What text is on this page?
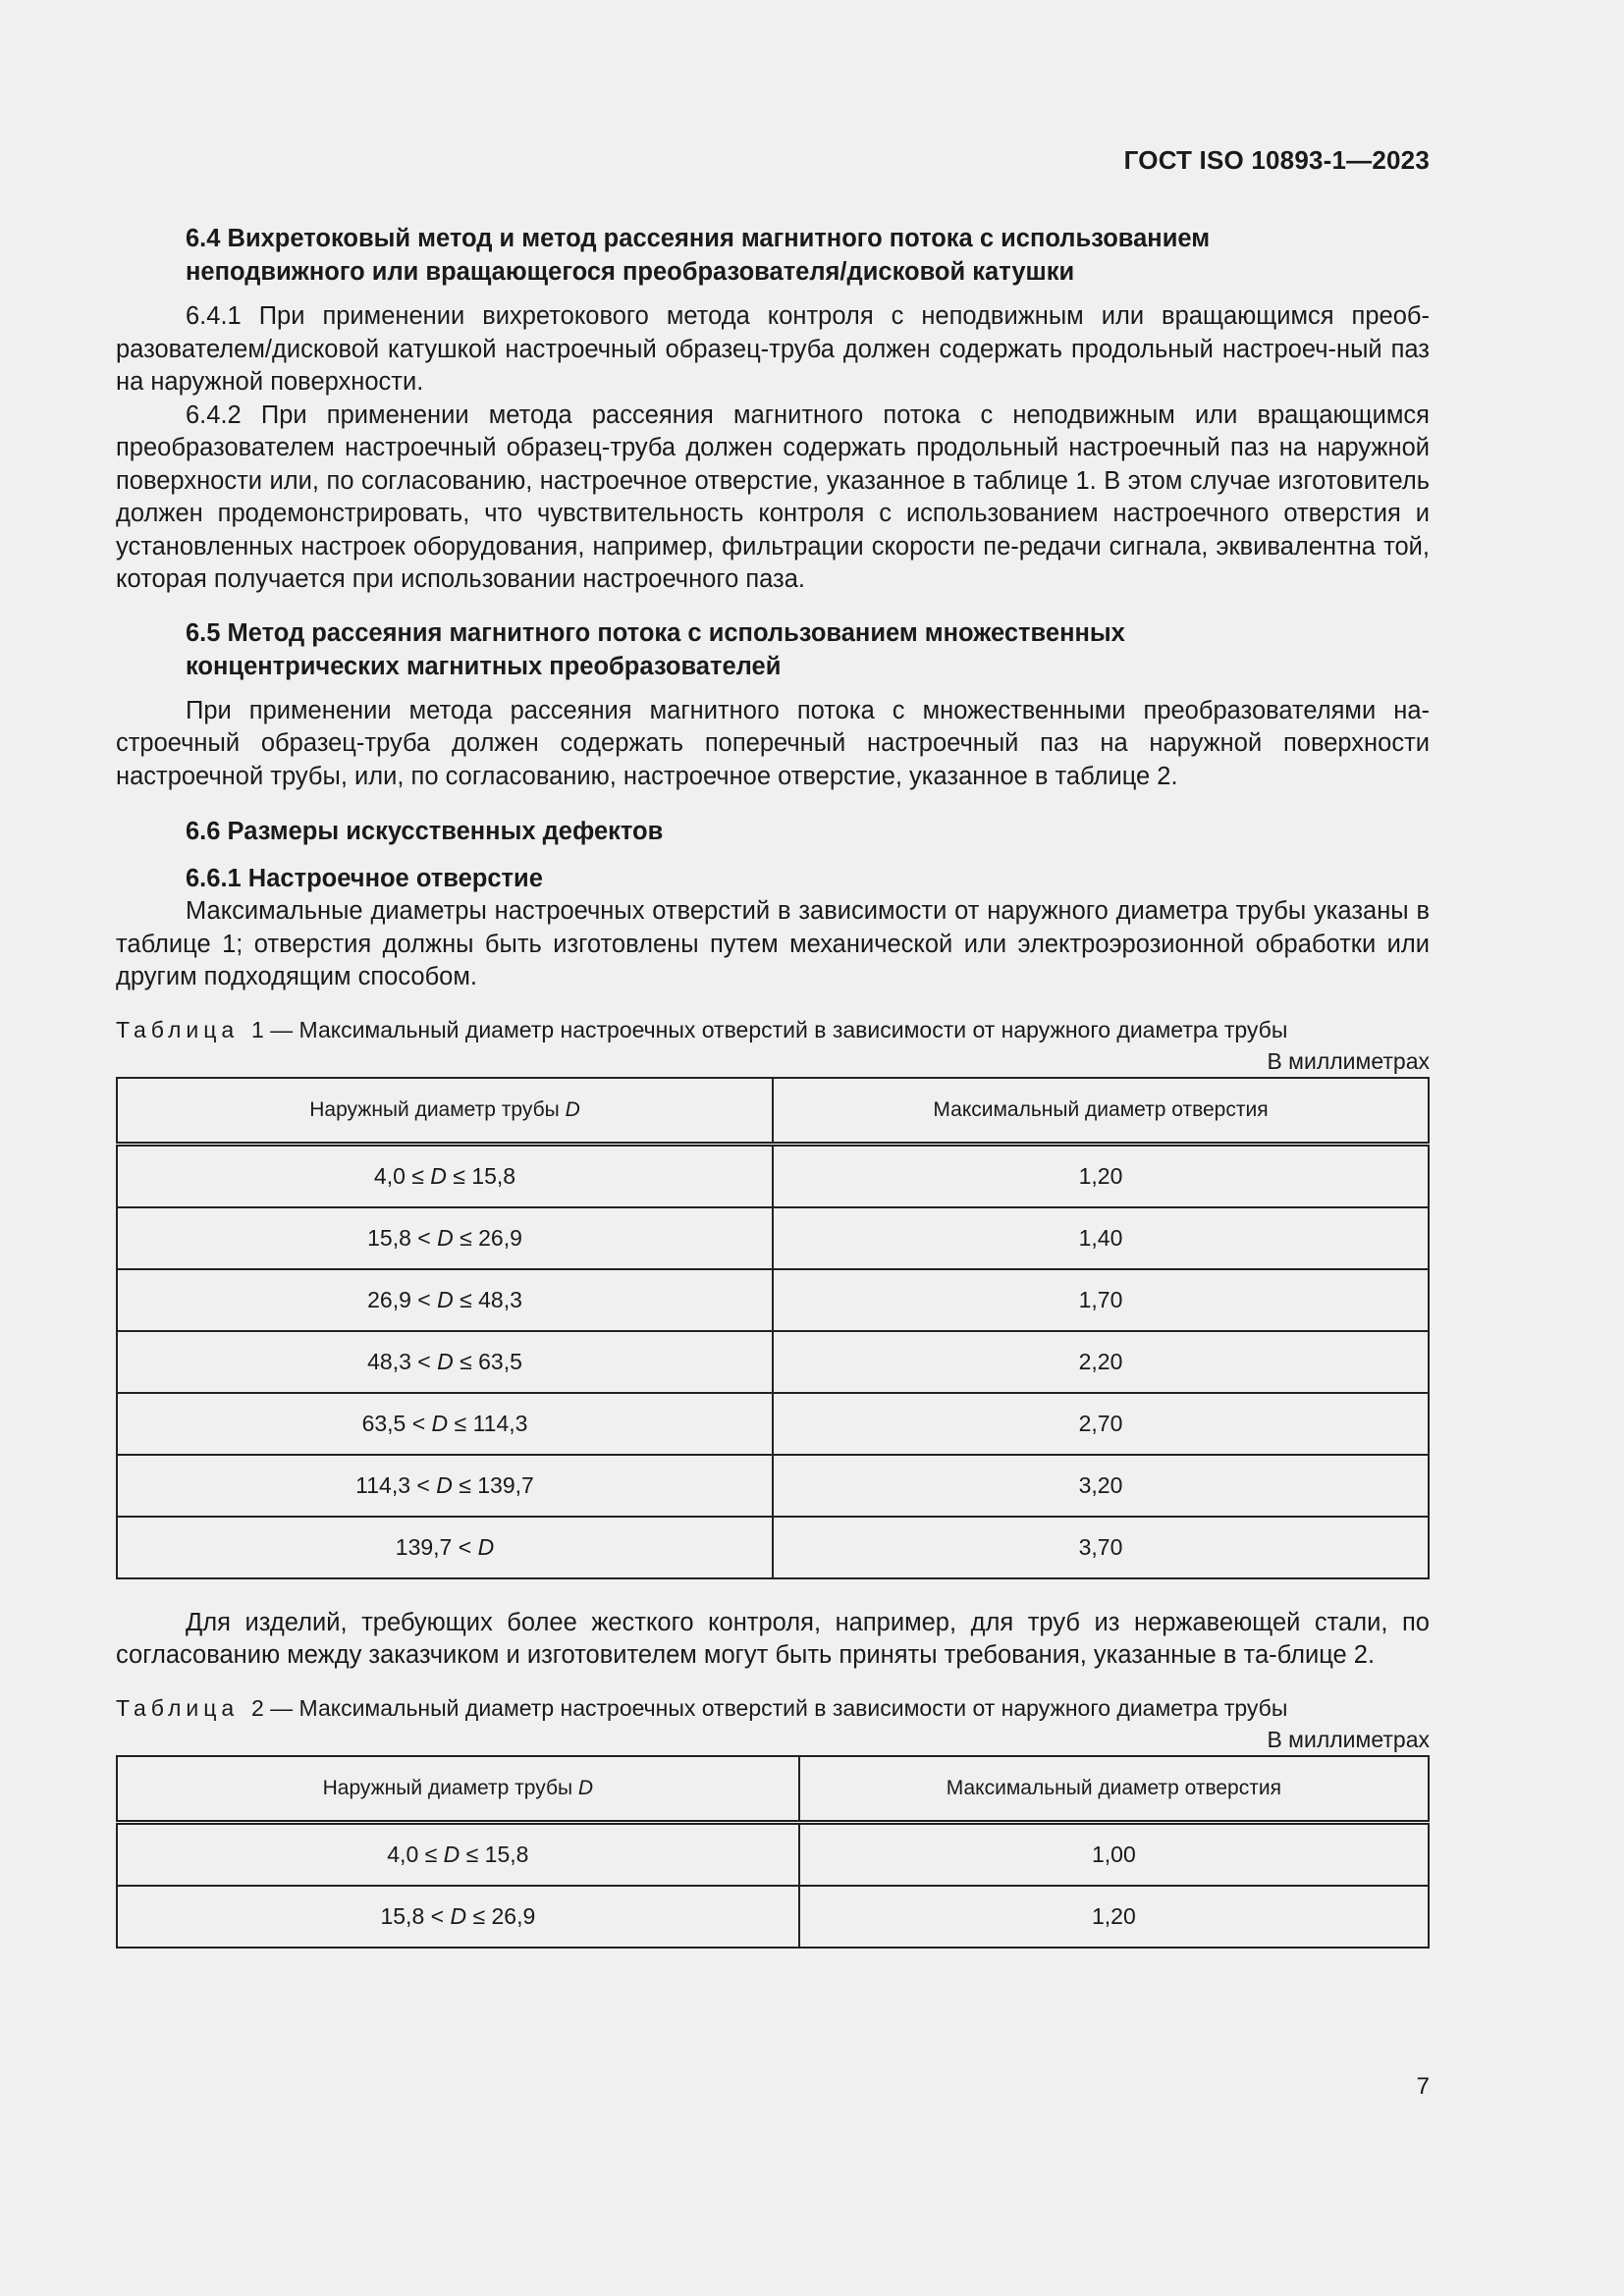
ГОСТ ISO 10893-1—2023
6.4 Вихретоковый метод и метод рассеяния магнитного потока с использованием
неподвижного или вращающегося преобразователя/дисковой катушки

6.4.1 При применении вихретокового метода контроля с неподвижным или вращающимся преоб-разователем/дисковой катушкой настроечный образец-труба должен содержать продольный настроеч-ный паз на наружной поверхности.

6.4.2 При применении метода рассеяния магнитного потока с неподвижным или вращающимся преобразователем настроечный образец-труба должен содержать продольный настроечный паз на наружной поверхности или, по согласованию, настроечное отверстие, указанное в таблице 1. В этом случае изготовитель должен продемонстрировать, что чувствительность контроля с использованием настроечного отверстия и установленных настроек оборудования, например, фильтрации скорости пе-редачи сигнала, эквивалентна той, которая получается при использовании настроечного паза.

6.5 Метод рассеяния магнитного потока с использованием множественных
концентрических магнитных преобразователей

При применении метода рассеяния магнитного потока с множественными преобразователями на-строечный образец-труба должен содержать поперечный настроечный паз на наружной поверхности настроечной трубы, или, по согласованию, настроечное отверстие, указанное в таблице 2.

6.6 Размеры искусственных дефектов
6.6.1 Настроечное отверстие

Максимальные диаметры настроечных отверстий в зависимости от наружного диаметра трубы указаны в таблице 1; отверстия должны быть изготовлены путем механической или электроэрозионной обработки или другим подходящим способом.

Таблица 1 — Максимальный диаметр настроечных отверстий в зависимости от наружного диаметра трубы

В миллиметрах

Наружный диаметр трубы D	Максимальный диаметр отверстия
4,0 ≤ D ≤ 15,8	1,20
15,8 < D ≤ 26,9	1,40
26,9 < D ≤ 48,3	1,70
48,3 < D ≤ 63,5	2,20
63,5 < D ≤ 114,3	2,70
114,3 < D ≤ 139,7	3,20
139,7 < D	3,70

Для изделий, требующих более жесткого контроля, например, для труб из нержавеющей стали, по согласованию между заказчиком и изготовителем могут быть приняты требования, указанные в та-блице 2.

Таблица 2 — Максимальный диаметр настроечных отверстий в зависимости от наружного диаметра трубы

В миллиметрах

Наружный диаметр трубы D	Максимальный диаметр отверстия
4,0 ≤ D ≤ 15,8	1,00
15,8 < D ≤ 26,9	1,20
7
